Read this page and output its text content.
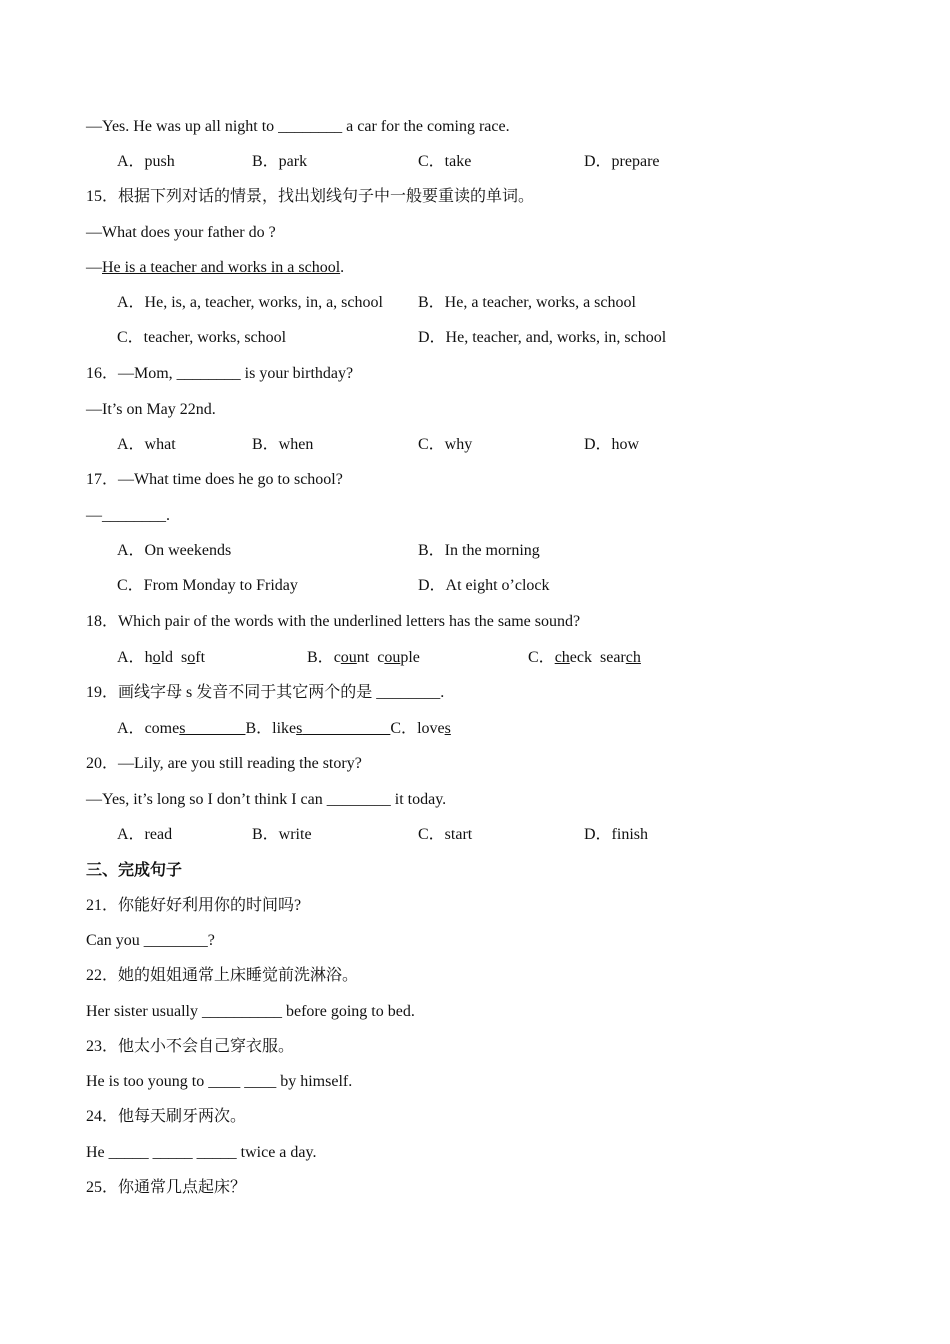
—Yes. He was up all night to ________ a car for the coming race.
A．push	B．park	C．take	D．prepare
15．根据下列对话的情景，找出划线句子中一般要重读的单词。
—What does your father do ?
—He is a teacher and works in a school.
A．He, is, a, teacher, works, in, a, school B．He, a teacher, works, a school
C．teacher, works, school	D．He, teacher, and, works, in, school
16．—Mom, ________ is your birthday?
—It’s on May 22nd.
A．what	B．when	C．why	D．how
17．—What time does he go to school?
—________.
A．On weekends	B．In the morning
C．From Monday to Friday	D．At eight o’clock
18．Which pair of the words with the underlined letters has the same sound?
A．hold soft	B．count couple	C．check search
19．画线字母 s 发音不同于其它两个的是 ________.
A．comes	B．likes	C．loves
20．—Lily, are you still reading the story?
—Yes, it’s long so I don’t think I can ________ it today.
A．read	B．write	C．start	D．finish
三、完成句子
21．你能好好利用你的时间吗?
Can you ________?
22．她的姐姐通常上床睡觉前洗淋浴。
Her sister usually __________ before going to bed.
23．他太小不会自己穿衣服。
He is too young to ____ ____ by himself.
24．他每天刷牙两次。
He _____ _____ _____ twice a day.
25．你通常几点起床？
